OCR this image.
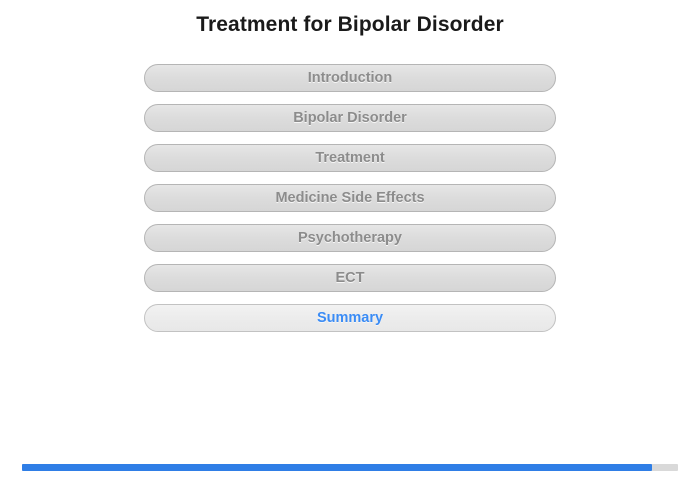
Treatment for Bipolar Disorder
Introduction
Bipolar Disorder
Treatment
Medicine Side Effects
Psychotherapy
ECT
Summary
